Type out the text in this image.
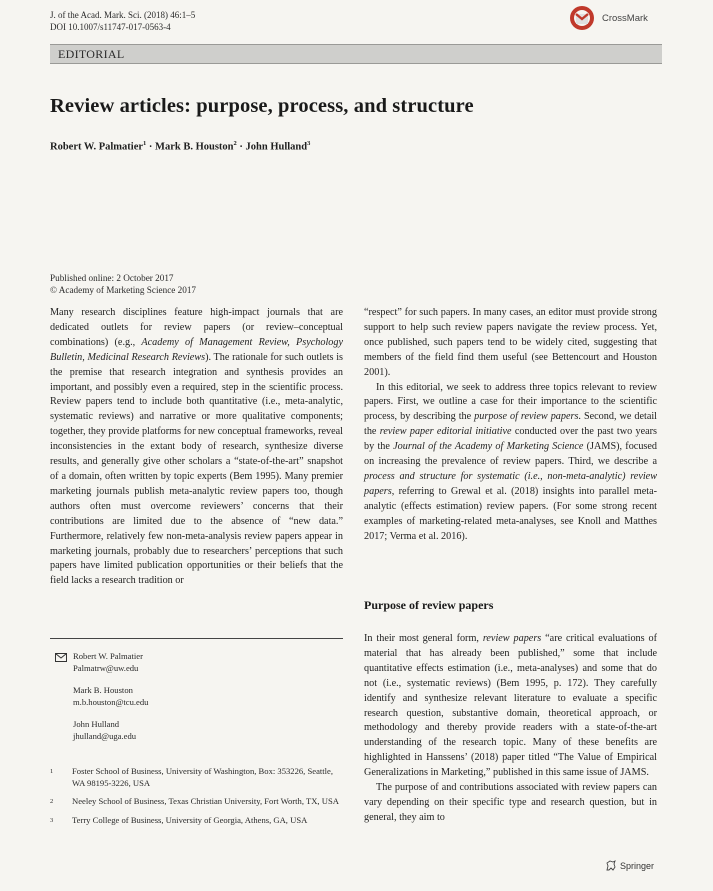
J. of the Acad. Mark. Sci. (2018) 46:1–5
DOI 10.1007/s11747-017-0563-4
CrossMark
EDITORIAL
Review articles: purpose, process, and structure
Robert W. Palmatier$^1$ · Mark B. Houston$^2$ · John Hulland$^3$
Published online: 2 October 2017
© Academy of Marketing Science 2017

Many research disciplines feature high-impact journals that are dedicated outlets for review papers (or review–conceptual combinations) (e.g., Academy of Management Review, Psychology Bulletin, Medicinal Research Reviews). The rationale for such outlets is the premise that research integration and synthesis provides an important, and possibly even a required, step in the scientific process. Review papers tend to include both quantitative (i.e., meta-analytic, systematic reviews) and narrative or more qualitative components; together, they provide platforms for new conceptual frameworks, reveal inconsistencies in the extant body of research, synthesize diverse results, and generally give other scholars a “state-of-the-art” snapshot of a domain, often written by topic experts (Bem 1995). Many premier marketing journals publish meta-analytic review papers too, though authors often must overcome reviewers’ concerns that their contributions are limited due to the absence of “new data.” Furthermore, relatively few non-meta-analysis review papers appear in marketing journals, probably due to researchers’ perceptions that such papers have limited publication opportunities or their beliefs that the field lacks a research tradition or

“respect” for such papers. In many cases, an editor must provide strong support to help such review papers navigate the review process. Yet, once published, such papers tend to be widely cited, suggesting that members of the field find them useful (see Bettencourt and Houston 2001).

In this editorial, we seek to address three topics relevant to review papers. First, we outline a case for their importance to the scientific process, by describing the purpose of review papers. Second, we detail the review paper editorial initiative conducted over the past two years by the Journal of the Academy of Marketing Science (JAMS), focused on increasing the prevalence of review papers. Third, we describe a process and structure for systematic (i.e., non-meta-analytic) review papers, referring to Grewal et al. (2018) insights into parallel meta-analytic (effects estimation) review papers. (For some strong recent examples of marketing-related meta-analyses, see Knoll and Matthes 2017; Verma et al. 2016).

Purpose of review papers

In their most general form, review papers “are critical evaluations of material that has already been published,” some that include quantitative effects estimation (i.e., meta-analyses) and some that do not (i.e., systematic reviews) (Bem 1995, p. 172). They carefully identify and synthesize relevant literature to evaluate a specific research question, substantive domain, theoretical approach, or methodology and thereby provide readers with a state-of-the-art understanding of the research topic. Many of these benefits are highlighted in Hanssens’ (2018) paper titled “The Value of Empirical Generalizations in Marketing,” published in this same issue of JAMS.

The purpose of and contributions associated with review papers can vary depending on their specific type and research question, but in general, they aim to

Robert W. Palmatier
Palmatrw@uw.edu
Mark B. Houston
m.b.houston@tcu.edu
John Hulland
jhulland@uga.edu
1	Foster School of Business, University of Washington, Box: 353226, Seattle, WA 98195-3226, USA
2	Neeley School of Business, Texas Christian University, Fort Worth, TX, USA
3	Terry College of Business, University of Georgia, Athens, GA, USA
Springer
